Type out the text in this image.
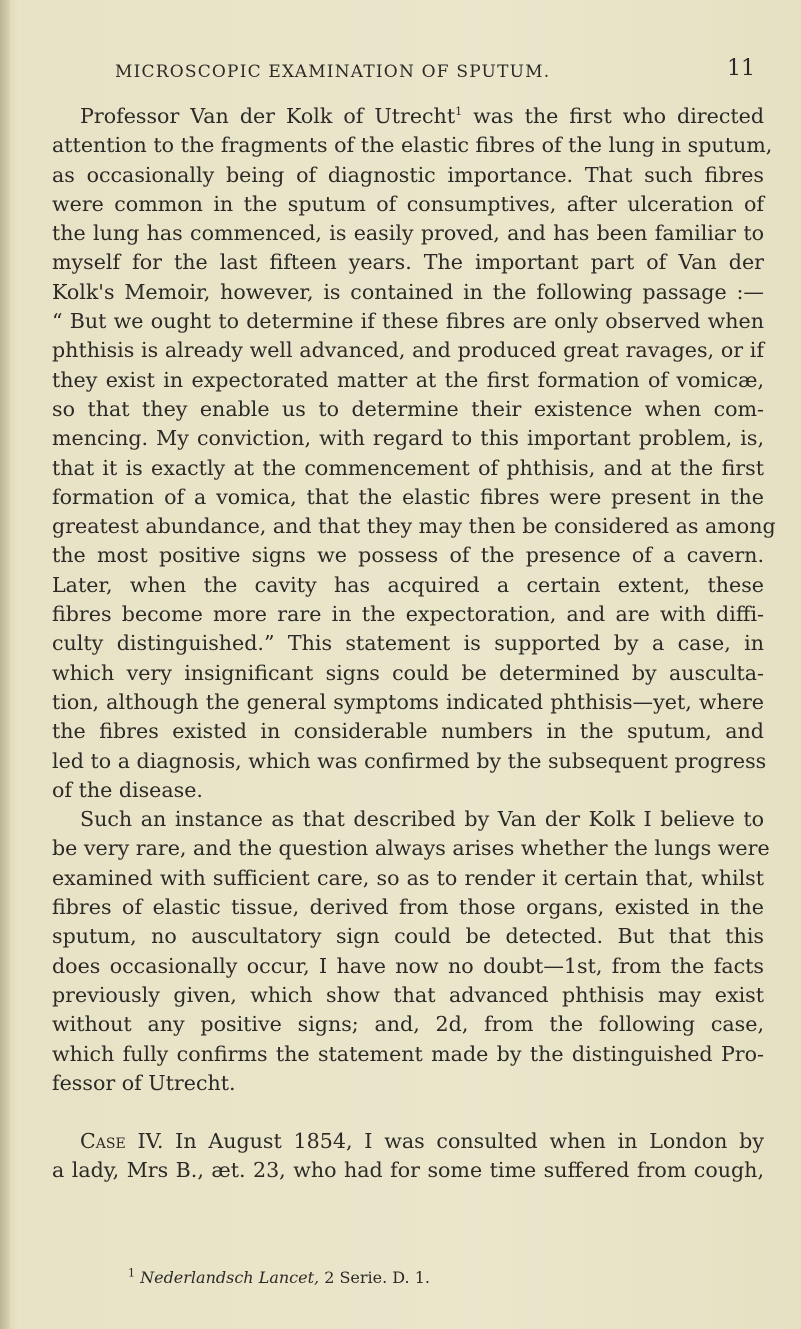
MICROSCOPIC EXAMINATION OF SPUTUM.	11
Professor Van der Kolk of Utrecht$^1$ was the first who directed
attention to the fragments of the elastic fibres of the lung in sputum,
as occasionally being of diagnostic importance. That such fibres
were common in the sputum of consumptives, after ulceration of
the lung has commenced, is easily proved, and has been familiar to
myself for the last fifteen years. The important part of Van der
Kolk's Memoir, however, is contained in the following passage :—
“ But we ought to determine if these fibres are only observed when
phthisis is already well advanced, and produced great ravages, or if
they exist in expectorated matter at the first formation of vomicæ,
so that they enable us to determine their existence when com-
mencing. My conviction, with regard to this important problem, is,
that it is exactly at the commencement of phthisis, and at the first
formation of a vomica, that the elastic fibres were present in the
greatest abundance, and that they may then be considered as among
the most positive signs we possess of the presence of a cavern.
Later, when the cavity has acquired a certain extent, these
fibres become more rare in the expectoration, and are with diffi-
culty distinguished.” This statement is supported by a case, in
which very insignificant signs could be determined by ausculta-
tion, although the general symptoms indicated phthisis—yet, where
the fibres existed in considerable numbers in the sputum, and
led to a diagnosis, which was confirmed by the subsequent progress
of the disease.
Such an instance as that described by Van der Kolk I believe to
be very rare, and the question always arises whether the lungs were
examined with sufficient care, so as to render it certain that, whilst
fibres of elastic tissue, derived from those organs, existed in the
sputum, no auscultatory sign could be detected. But that this
does occasionally occur, I have now no doubt—1st, from the facts
previously given, which show that advanced phthisis may exist
without any positive signs; and, 2d, from the following case,
which fully confirms the statement made by the distinguished Pro-
fessor of Utrecht.
Case IV. In August 1854, I was consulted when in London by
a lady, Mrs B., æt. 23, who had for some time suffered from cough,
$^1$ Nederlandsch Lancet, 2 Serie. D. 1.
